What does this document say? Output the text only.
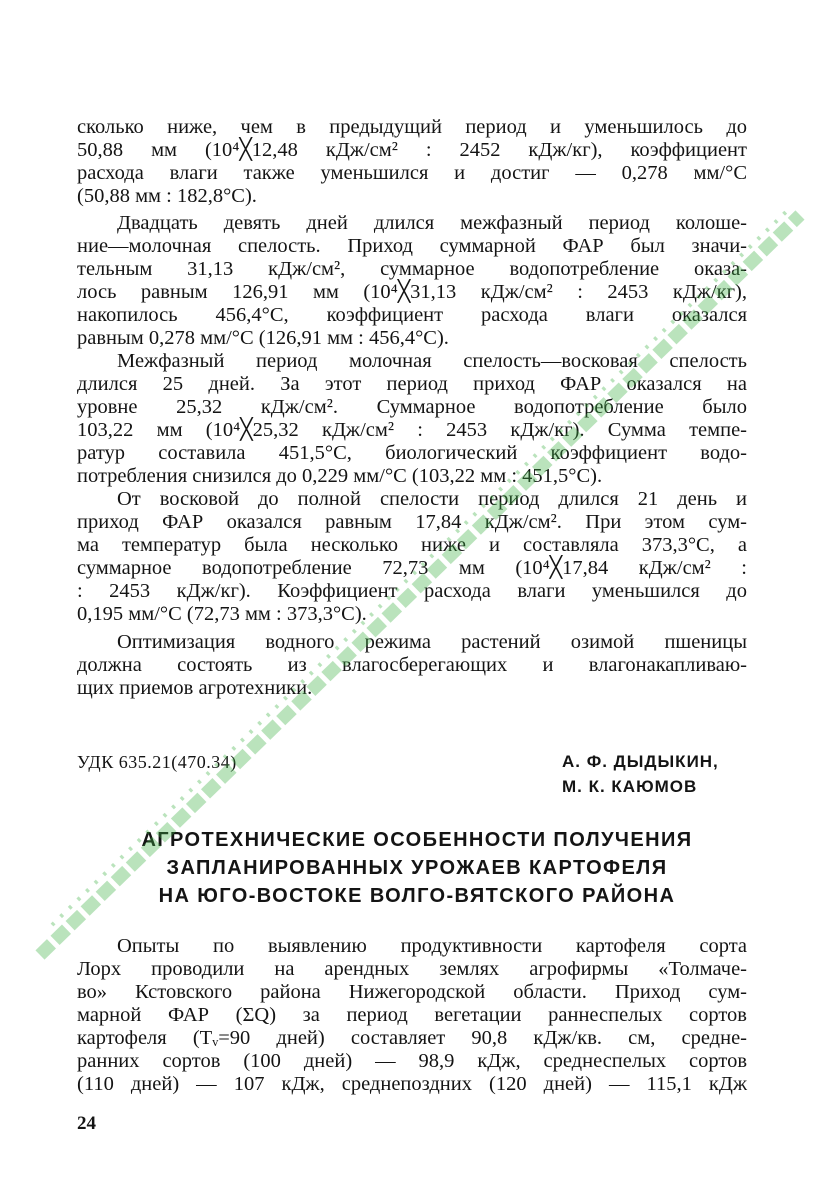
сколько ниже, чем в предыдущий период и уменьшилось до
50,88 мм (10⁴╳12,48 кДж/см² : 2452 кДж/кг), коэффициент
расхода влаги также уменьшился и достиг — 0,278 мм/°С
(50,88 мм : 182,8°С).
Двадцать девять дней длился межфазный период колоше-
ние—молочная спелость. Приход суммарной ФАР был значи-
тельным 31,13 кДж/см², суммарное водопотребление оказа-
лось равным 126,91 мм (10⁴╳31,13 кДж/см² : 2453 кДж/кг),
накопилось 456,4°С, коэффициент расхода влаги оказался
равным 0,278 мм/°С (126,91 мм : 456,4°С).
Межфазный период молочная спелость—восковая спелость
длился 25 дней. За этот период приход ФАР оказался на
уровне 25,32 кДж/см². Суммарное водопотребление было
103,22 мм (10⁴╳25,32 кДж/см² : 2453 кДж/кг). Сумма темпе-
ратур составила 451,5°С, биологический коэффициент водо-
потребления снизился до 0,229 мм/°С (103,22 мм : 451,5°С).
От восковой до полной спелости период длился 21 день и
приход ФАР оказался равным 17,84 кДж/см². При этом сум-
ма температур была несколько ниже и составляла 373,3°С, а
суммарное водопотребление 72,73 мм (10⁴╳17,84 кДж/см² :
: 2453 кДж/кг). Коэффициент расхода влаги уменьшился до
0,195 мм/°С (72,73 мм : 373,3°С).
Оптимизация водного режима растений озимой пшеницы
должна состоять из влагосберегающих и влагонакапливаю-
щих приемов агротехники.
УДК 635.21(470.34)	А. Ф. ДЫДЫКИН,
М. К. КАЮМОВ
АГРОТЕХНИЧЕСКИЕ ОСОБЕННОСТИ ПОЛУЧЕНИЯ
ЗАПЛАНИРОВАННЫХ УРОЖАЕВ КАРТОФЕЛЯ
НА ЮГО-ВОСТОКЕ ВОЛГО-ВЯТСКОГО РАЙОНА
Опыты по выявлению продуктивности картофеля сорта
Лорх проводили на арендных землях агрофирмы «Толмаче-
во» Кстовского района Нижегородской области. Приход сум-
марной ФАР (ΣQ) за период вегетации раннеспелых сортов
картофеля (Tᵥ=90 дней) составляет 90,8 кДж/кв. см, средне-
ранних сортов (100 дней) — 98,9 кДж, среднеспелых сортов
(110 дней) — 107 кДж, среднепоздних (120 дней) — 115,1 кДж
24
